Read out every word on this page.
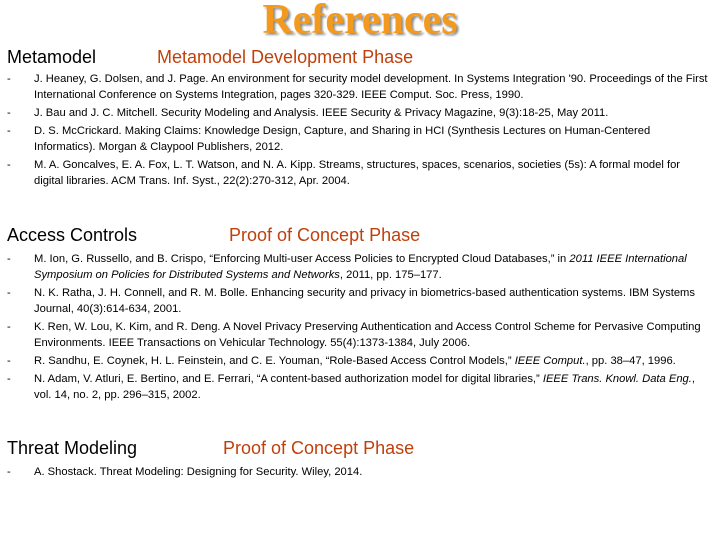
References
Metamodel	Metamodel Development Phase
- J. Heaney, G. Dolsen, and J. Page. An environment for security model development. In Systems Integration '90. Proceedings of the First International Conference on Systems Integration, pages 320-329. IEEE Comput. Soc. Press, 1990.
- J. Bau and J. C. Mitchell. Security Modeling and Analysis. IEEE Security & Privacy Magazine, 9(3):18-25, May 2011.
- D. S. McCrickard. Making Claims: Knowledge Design, Capture, and Sharing in HCI (Synthesis Lectures on Human-Centered Informatics). Morgan & Claypool Publishers, 2012.
- M. A. Goncalves, E. A. Fox, L. T. Watson, and N. A. Kipp. Streams, structures, spaces, scenarios, societies (5s): A formal model for digital libraries. ACM Trans. Inf. Syst., 22(2):270-312, Apr. 2004.
Access Controls	Proof of Concept Phase
- M. Ion, G. Russello, and B. Crispo, “Enforcing Multi-user Access Policies to Encrypted Cloud Databases,” in 2011 IEEE International Symposium on Policies for Distributed Systems and Networks, 2011, pp. 175–177.
- N. K. Ratha, J. H. Connell, and R. M. Bolle. Enhancing security and privacy in biometrics-based authentication systems. IBM Systems Journal, 40(3):614-634, 2001.
- K. Ren, W. Lou, K. Kim, and R. Deng. A Novel Privacy Preserving Authentication and Access Control Scheme for Pervasive Computing Environments. IEEE Transactions on Vehicular Technology. 55(4):1373-1384, July 2006.
- R. Sandhu, E. Coynek, H. L. Feinstein, and C. E. Youman, “Role-Based Access Control Models,” IEEE Comput., pp. 38–47, 1996.
- N. Adam, V. Atluri, E. Bertino, and E. Ferrari, “A content-based authorization model for digital libraries,” IEEE Trans. Knowl. Data Eng., vol. 14, no. 2, pp. 296–315, 2002.
Threat Modeling	Proof of Concept Phase
- A. Shostack. Threat Modeling: Designing for Security. Wiley, 2014.
